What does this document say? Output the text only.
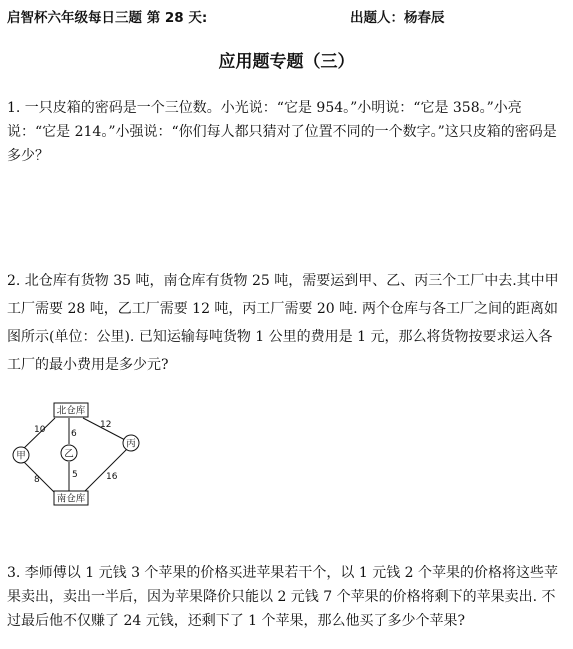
启智杯六年级每日三题 第 28 天:	出题人：杨春辰
应用题专题（三）
1. 一只皮箱的密码是一个三位数。小光说：“它是 954。”小明说：“它是 358。”小亮说：“它是 214。”小强说：“你们每人都只猜对了位置不同的一个数字。”这只皮箱的密码是多少？
2. 北仓库有货物 35 吨，南仓库有货物 25 吨，需要运到甲、乙、丙三个工厂中去.其中甲工厂需要 28 吨，乙工厂需要 12 吨，丙工厂需要 20 吨. 两个仓库与各工厂之间的距离如图所示(单位：公里). 已知运输每吨货物 1 公里的费用是 1 元，那么将货物按要求运入各工厂的最小费用是多少元?
北仓库
南仓库
甲	乙
丙
10	6
12
8	5	16
3. 李师傅以 1 元钱 3 个苹果的价格买进苹果若干个，以 1 元钱 2 个苹果的价格将这些苹果卖出，卖出一半后，因为苹果降价只能以 2 元钱 7 个苹果的价格将剩下的苹果卖出. 不过最后他不仅赚了 24 元钱，还剩下了 1 个苹果，那么他买了多少个苹果?
